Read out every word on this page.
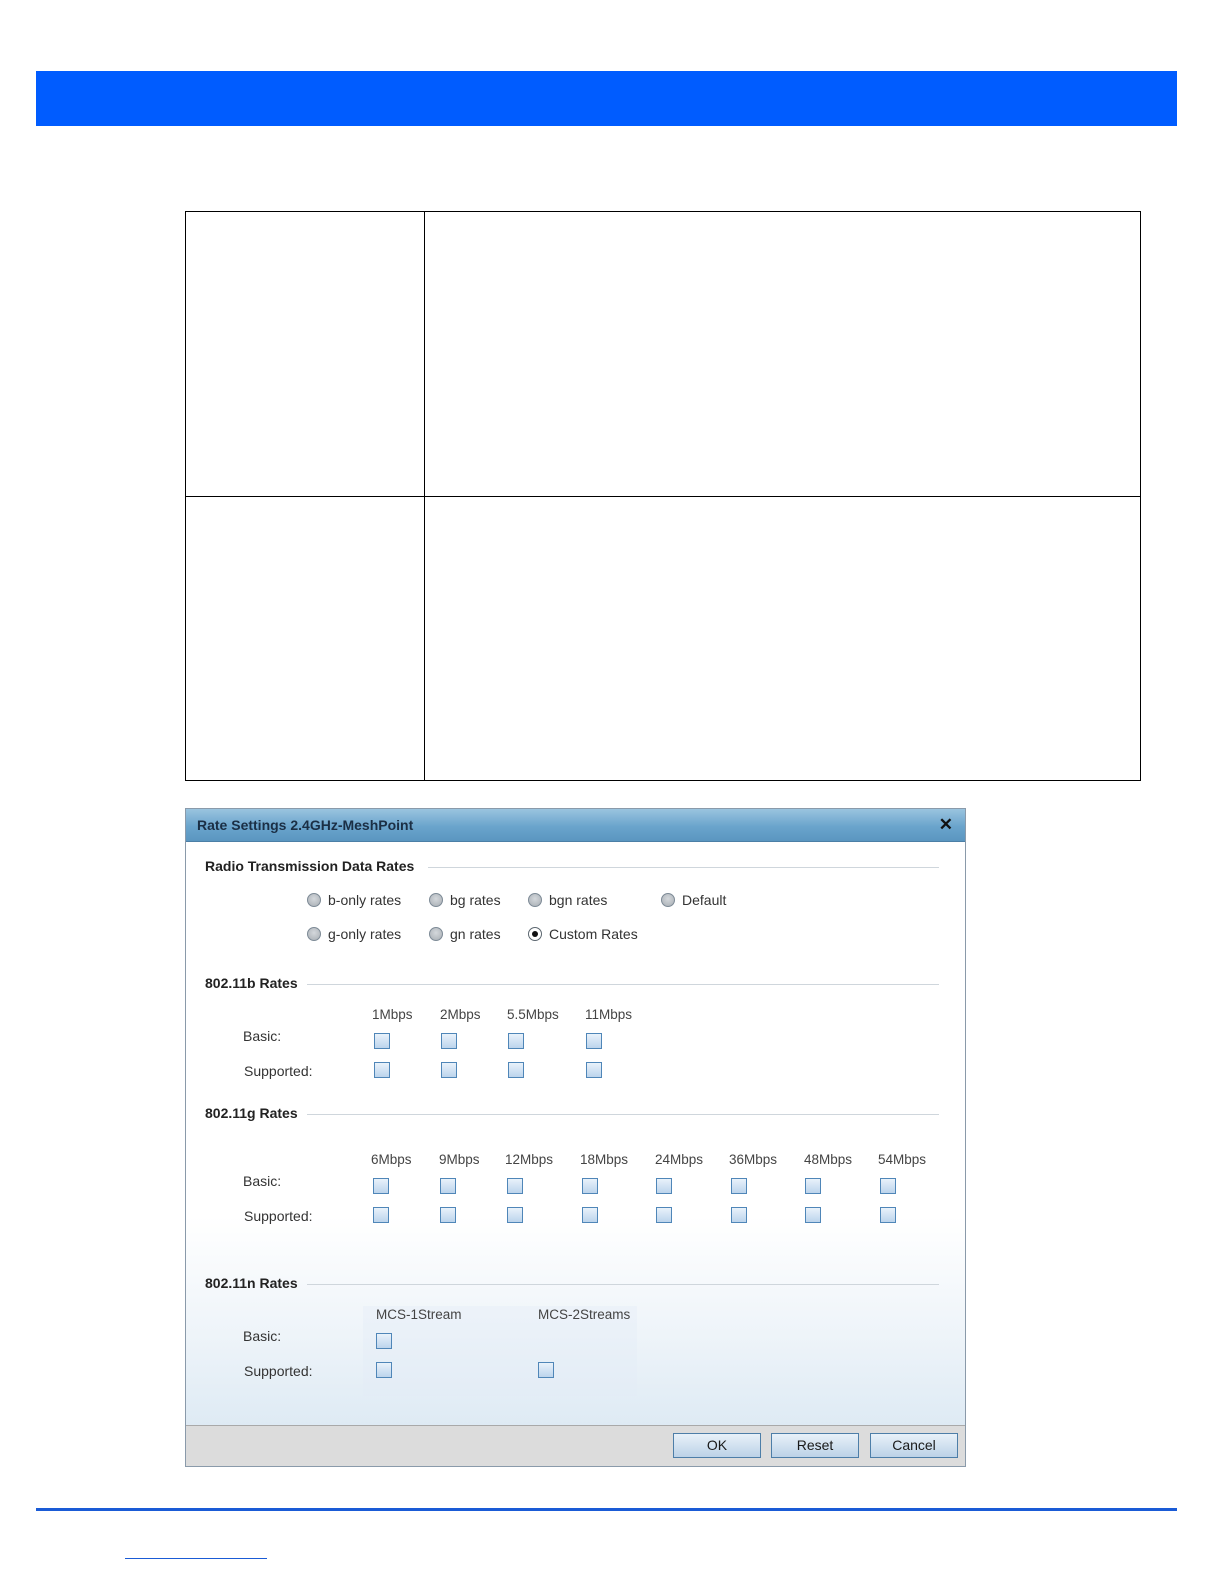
Rate Settings 2.4GHz-MeshPoint	✕
Radio Transmission Data Rates
b-only rates	bg rates	bgn rates	Default
g-only rates	gn rates	Custom Rates
802.11b Rates
1Mbps 2Mbps 5.5Mbps 11Mbps
Basic:
Supported:
802.11g Rates
6Mbps 9Mbps 12Mbps 18Mbps 24Mbps 36Mbps 48Mbps 54Mbps
Basic:
Supported:
802.11n Rates
MCS-1Stream	MCS-2Streams
Basic:
Supported:
OK	Reset	Cancel
